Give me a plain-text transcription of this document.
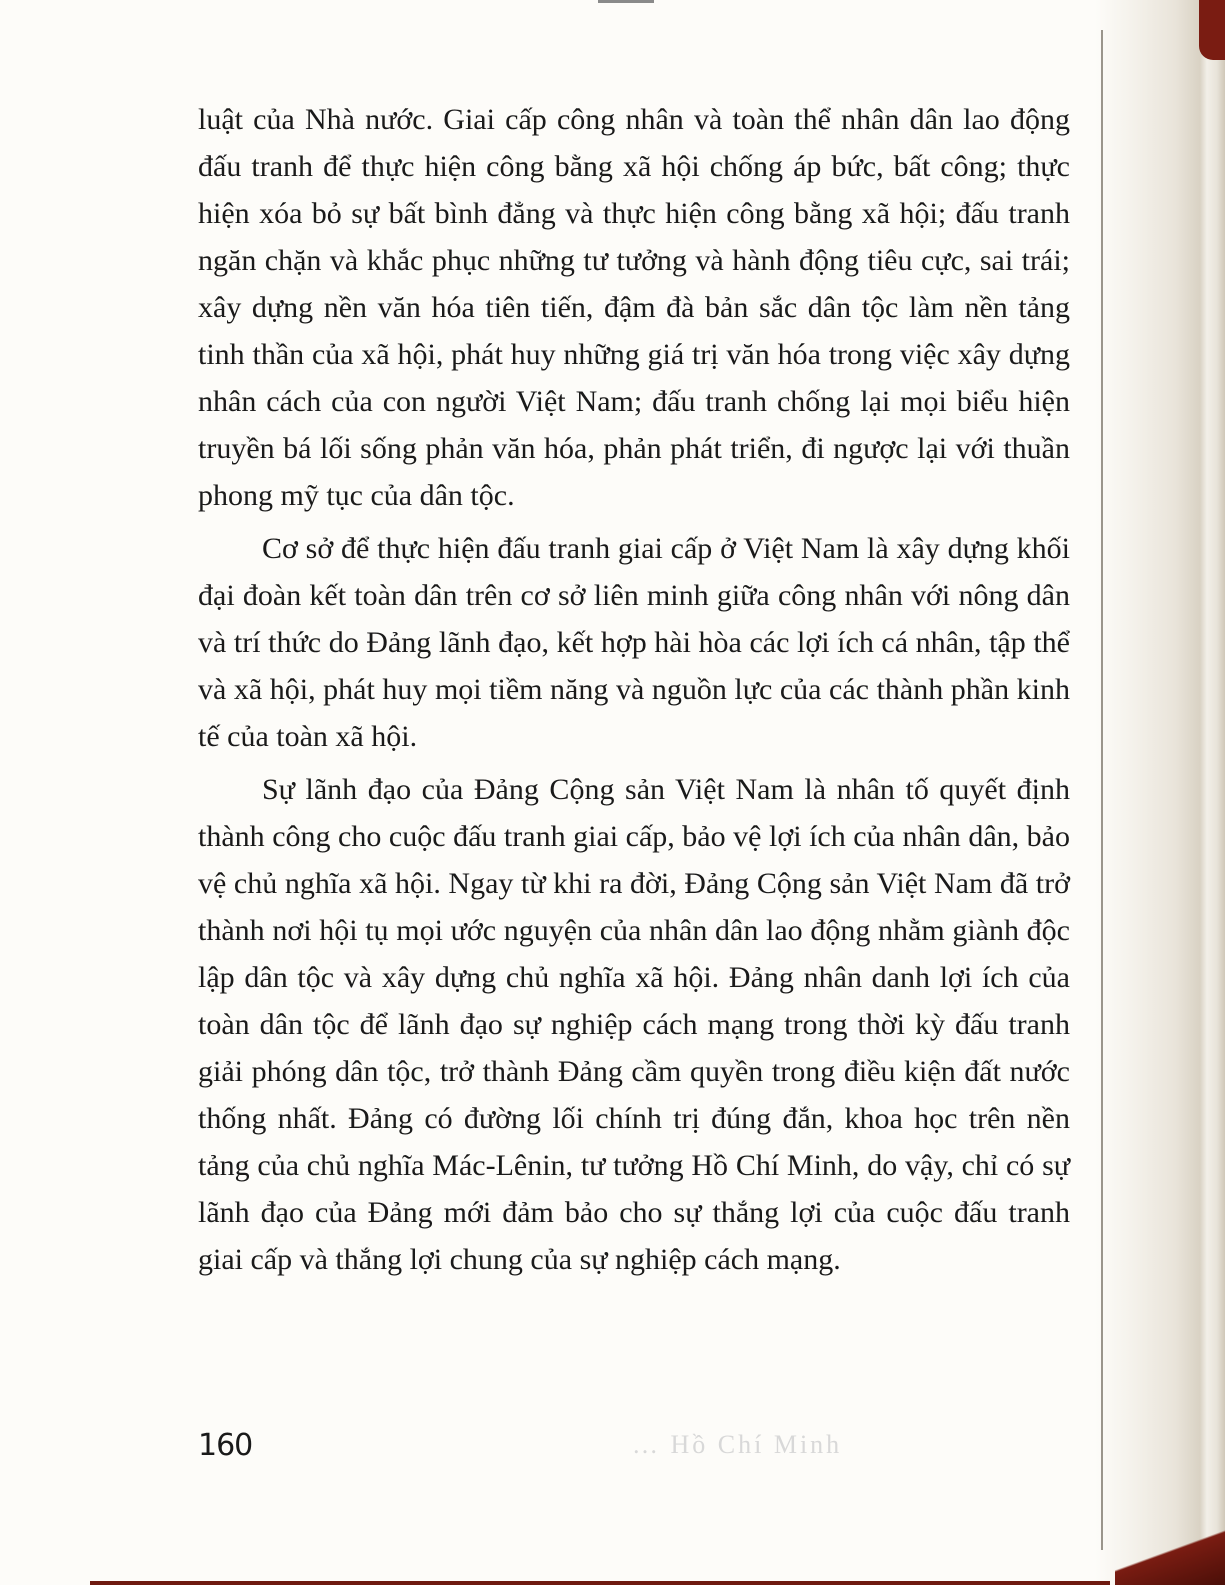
luật của Nhà nước. Giai cấp công nhân và toàn thể nhân dân lao động đấu tranh để thực hiện công bằng xã hội chống áp bức, bất công; thực hiện xóa bỏ sự bất bình đẳng và thực hiện công bằng xã hội; đấu tranh ngăn chặn và khắc phục những tư tưởng và hành động tiêu cực, sai trái; xây dựng nền văn hóa tiên tiến, đậm đà bản sắc dân tộc làm nền tảng tinh thần của xã hội, phát huy những giá trị văn hóa trong việc xây dựng nhân cách của con người Việt Nam; đấu tranh chống lại mọi biểu hiện truyền bá lối sống phản văn hóa, phản phát triển, đi ngược lại với thuần phong mỹ tục của dân tộc.

Cơ sở để thực hiện đấu tranh giai cấp ở Việt Nam là xây dựng khối đại đoàn kết toàn dân trên cơ sở liên minh giữa công nhân với nông dân và trí thức do Đảng lãnh đạo, kết hợp hài hòa các lợi ích cá nhân, tập thể và xã hội, phát huy mọi tiềm năng và nguồn lực của các thành phần kinh tế của toàn xã hội.

Sự lãnh đạo của Đảng Cộng sản Việt Nam là nhân tố quyết định thành công cho cuộc đấu tranh giai cấp, bảo vệ lợi ích của nhân dân, bảo vệ chủ nghĩa xã hội. Ngay từ khi ra đời, Đảng Cộng sản Việt Nam đã trở thành nơi hội tụ mọi ước nguyện của nhân dân lao động nhằm giành độc lập dân tộc và xây dựng chủ nghĩa xã hội. Đảng nhân danh lợi ích của toàn dân tộc để lãnh đạo sự nghiệp cách mạng trong thời kỳ đấu tranh giải phóng dân tộc, trở thành Đảng cầm quyền trong điều kiện đất nước thống nhất. Đảng có đường lối chính trị đúng đắn, khoa học trên nền tảng của chủ nghĩa Mác-Lênin, tư tưởng Hồ Chí Minh, do vậy, chỉ có sự lãnh đạo của Đảng mới đảm bảo cho sự thắng lợi của cuộc đấu tranh giai cấp và thắng lợi chung của sự nghiệp cách mạng.

160	… Hồ Chí Minh
